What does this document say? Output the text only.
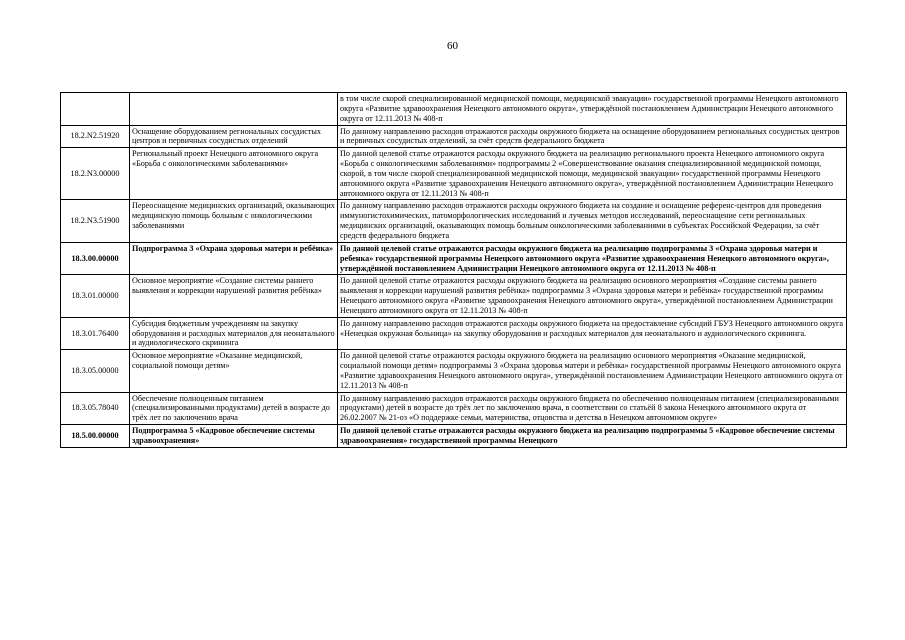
60
		в том числе скорой специализированной медицинской помощи, медицинской эвакуации» государственной программы Ненецкого автономного округа «Развитие здравоохранения Ненецкого автономного округа», утверждённой постановлением Администрации Ненецкого автономного округа от 12.11.2013 № 408-п
18.2.N2.51920	Оснащение оборудованием региональных сосудистых центров и первичных сосудистых отделений	По данному направлению расходов отражаются расходы окружного бюджета на оснащение оборудованием региональных сосудистых центров и первичных сосудистых отделений, за счёт средств федерального бюджета
18.2.N3.00000	Региональный проект Ненецкого автономного округа «Борьба с онкологическими заболеваниями»	По данной целевой статье отражаются расходы окружного бюджета на реализацию регионального проекта Ненецкого автономного округа «Борьба с онкологическими заболеваниями» подпрограммы 2 «Совершенствование оказания специализированной медицинской помощи, скорой, в том числе скорой специализированной медицинской помощи, медицинской эвакуации» государственной программы Ненецкого автономного округа «Развитие здравоохранения Ненецкого автономного округа», утверждённой постановлением Администрации Ненецкого автономного округа от 12.11.2013 № 408-п
18.2.N3.51900	Переоснащение медицинских организаций, оказывающих медицинскую помощь больным с онкологическими заболеваниями	По данному направлению расходов отражаются расходы окружного бюджета на создание и оснащение референс-центров для проведения иммуногистохимических, патоморфологических исследований и лучевых методов исследований, переоснащение сети региональных медицинских организаций, оказывающих помощь больным онкологическими заболеваниями в субъектах Российской Федерации, за счёт средств федерального бюджета
18.3.00.00000	Подпрограмма 3 «Охрана здоровья матери и ребёнка»	По данной целевой статье отражаются расходы окружного бюджета на реализацию подпрограммы 3 «Охрана здоровья матери и ребенка» государственной программы Ненецкого автономного округа «Развитие здравоохранения Ненецкого автономного округа», утверждённой постановлением Администрации Ненецкого автономного округа от 12.11.2013 № 408-п
18.3.01.00000	Основное мероприятие «Создание системы раннего выявления и коррекции нарушений развития ребёнка»	По данной целевой статье отражаются расходы окружного бюджета на реализацию основного мероприятия «Создание системы раннего выявления и коррекции нарушений развития ребёнка» подпрограммы 3 «Охрана здоровья матери и ребёнка» государственной программы Ненецкого автономного округа «Развитие здравоохранения Ненецкого автономного округа», утверждённой постановлением Администрации Ненецкого автономного округа от 12.11.2013 № 408-п
18.3.01.76400	Субсидия бюджетным учреждениям на закупку оборудования и расходных материалов для неонатального и аудиологического скрининга	По данному направлению расходов отражаются расходы окружного бюджета на предоставление субсидий ГБУЗ Ненецкого автономного округа «Ненецкая окружная больница» на закупку оборудования и расходных материалов для неонатального и аудиологического скрининга.
18.3.05.00000	Основное мероприятие «Оказание медицинской, социальной помощи детям»	По данной целевой статье отражаются расходы окружного бюджета на реализацию основного мероприятия «Оказание медицинской, социальной помощи детям» подпрограммы 3 «Охрана здоровья матери и ребёнка» государственной программы Ненецкого автономного округа «Развитие здравоохранения Ненецкого автономного округа», утверждённой постановлением Администрации Ненецкого автономного округа от 12.11.2013 № 408-п
18.3.05.78040	Обеспечение полноценным питанием (специализированными продуктами) детей в возрасте до трёх лет по заключению врача	По данному направлению расходов отражаются расходы окружного бюджета по обеспечению полноценным питанием (специализированными продуктами) детей в возрасте до трёх лет по заключению врача, в соответствии со статьёй 8 закона Ненецкого автономного округа от 26.02.2007 № 21-оз «О поддержке семьи, материнства, отцовства и детства в Ненецком автономном округе»
18.5.00.00000	Подпрограмма 5 «Кадровое обеспечение системы здравоохранения»	По данной целевой статье отражаются расходы окружного бюджета на реализацию подпрограммы 5 «Кадровое обеспечение системы здравоохранения» государственной программы Ненецкого
